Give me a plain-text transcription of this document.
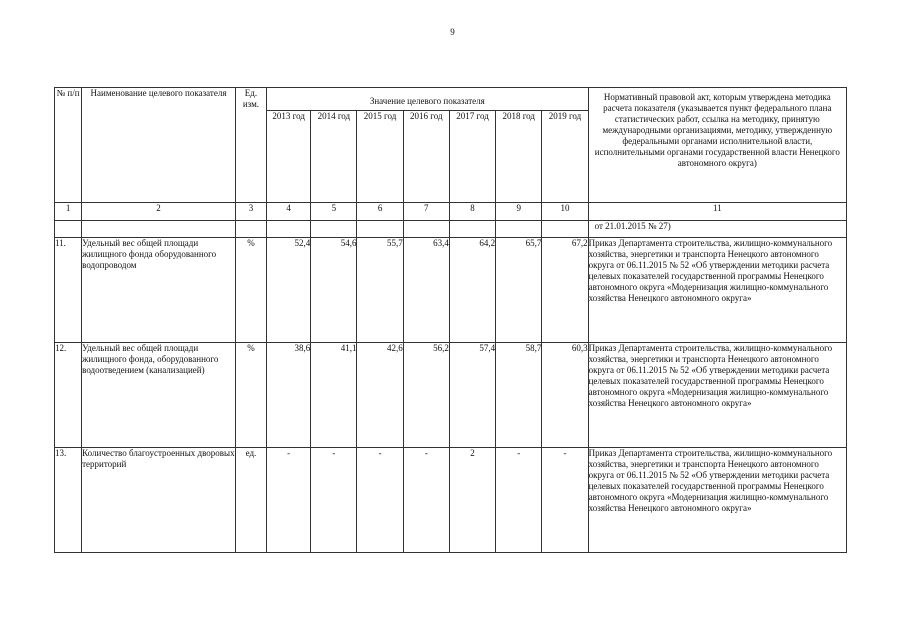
9
№ п/п	Наименование целевого показателя	Ед. изм.	Значение целевого показателя							Нормативный правовой акт, которым утверждена методика расчета показателя (указывается пункт федерального плана статистических работ, ссылка на методику, принятую международными организациями, методику, утвержденную федеральными органами исполнительной власти, исполнительными органами государственной власти Ненецкого автономного округа)
			2013 год	2014 год	2015 год	2016 год	2017 год	2018 год	2019 год	
1	2	3	4	5	6	7	8	9	10	11
										от 21.01.2015 № 27)
11.	Удельный вес общей площади жилищного фонда оборудованного водопроводом	%	52,4	54,6	55,7	63,4	64,2	65,7	67,2	Приказ Департамента строительства, жилищно-коммунального хозяйства, энергетики и транспорта Ненецкого автономного округа от 06.11.2015 № 52 «Об утверждении методики расчета целевых показателей государственной программы Ненецкого автономного округа «Модернизация жилищно-коммунального хозяйства Ненецкого автономного округа»
12.	Удельный вес общей площади жилищного фонда, оборудованного водоотведением (канализацией)	%	38,6	41,1	42,6	56,2	57,4	58,7	60,3	Приказ Департамента строительства, жилищно-коммунального хозяйства, энергетики и транспорта Ненецкого автономного округа от 06.11.2015 № 52 «Об утверждении методики расчета целевых показателей государственной программы Ненецкого автономного округа «Модернизация жилищно-коммунального хозяйства Ненецкого автономного округа»
13.	Количество благоустроенных дворовых территорий	ед.	-	-	-	-	2	-	-	Приказ Департамента строительства, жилищно-коммунального хозяйства, энергетики и транспорта Ненецкого автономного округа от 06.11.2015 № 52 «Об утверждении методики расчета целевых показателей государственной программы Ненецкого автономного округа «Модернизация жилищно-коммунального хозяйства Ненецкого автономного округа»
